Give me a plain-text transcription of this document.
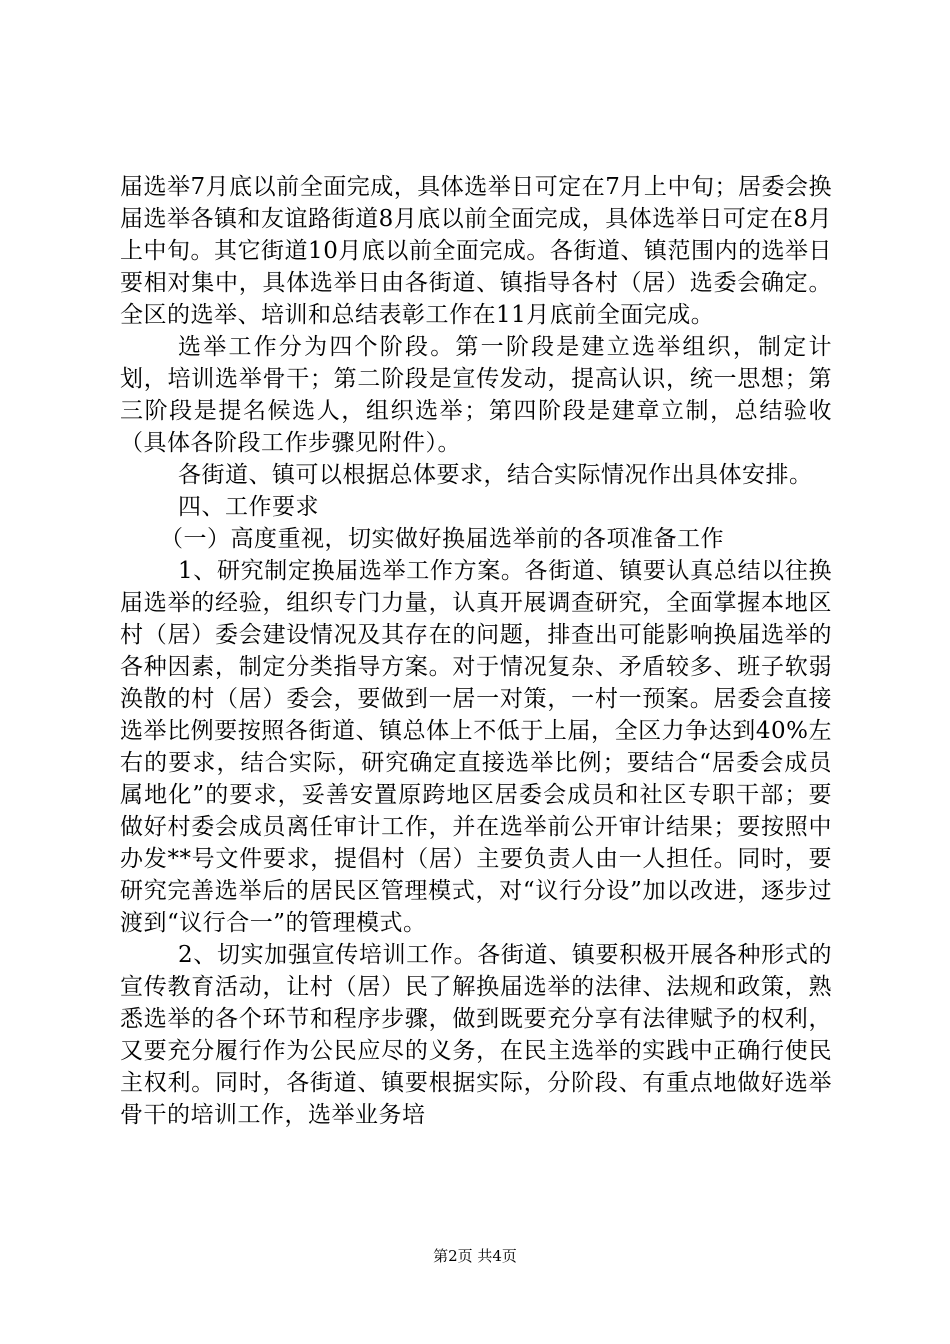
届选举7月底以前全面完成，具体选举日可定在7月上中旬；居委会换届选举各镇和友谊路街道8月底以前全面完成，具体选举日可定在8月上中旬。其它街道10月底以前全面完成。各街道、镇范围内的选举日要相对集中，具体选举日由各街道、镇指导各村（居）选委会确定。全区的选举、培训和总结表彰工作在11月底前全面完成。

选举工作分为四个阶段。第一阶段是建立选举组织，制定计划，培训选举骨干；第二阶段是宣传发动，提高认识，统一思想；第三阶段是提名候选人，组织选举；第四阶段是建章立制，总结验收（具体各阶段工作步骤见附件）。

各街道、镇可以根据总体要求，结合实际情况作出具体安排。

四、工作要求

（一）高度重视，切实做好换届选举前的各项准备工作

1、研究制定换届选举工作方案。各街道、镇要认真总结以往换届选举的经验，组织专门力量，认真开展调查研究，全面掌握本地区村（居）委会建设情况及其存在的问题，排查出可能影响换届选举的各种因素，制定分类指导方案。对于情况复杂、矛盾较多、班子软弱涣散的村（居）委会，要做到一居一对策，一村一预案。居委会直接选举比例要按照各街道、镇总体上不低于上届，全区力争达到40%左右的要求，结合实际，研究确定直接选举比例；要结合“居委会成员属地化”的要求，妥善安置原跨地区居委会成员和社区专职干部；要做好村委会成员离任审计工作，并在选举前公开审计结果；要按照中办发**号文件要求，提倡村（居）主要负责人由一人担任。同时，要研究完善选举后的居民区管理模式，对“议行分设”加以改进，逐步过渡到“议行合一”的管理模式。

2、切实加强宣传培训工作。各街道、镇要积极开展各种形式的宣传教育活动，让村（居）民了解换届选举的法律、法规和政策，熟悉选举的各个环节和程序步骤，做到既要充分享有法律赋予的权利，又要充分履行作为公民应尽的义务，在民主选举的实践中正确行使民主权利。同时，各街道、镇要根据实际，分阶段、有重点地做好选举骨干的培训工作，选举业务培

第2页 共4页
